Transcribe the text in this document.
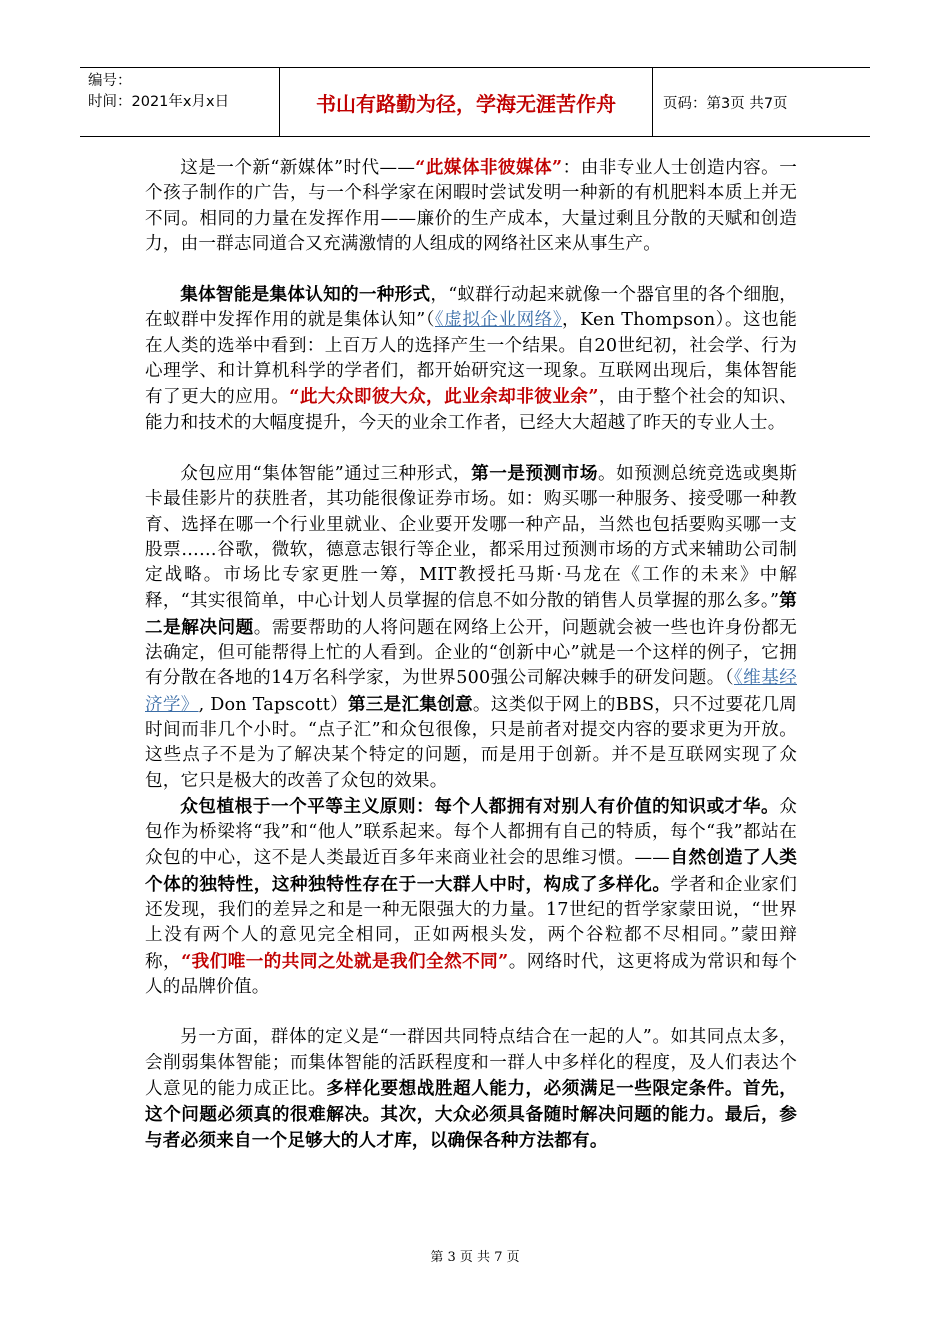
编号：
时间：2021年x月x日	书山有路勤为径，学海无涯苦作舟	页码：第3页 共7页

这是一个新“新媒体”时代——“此媒体非彼媒体”：由非专业人士创造内容。一个孩子制作的广告，与一个科学家在闲暇时尝试发明一种新的有机肥料本质上并无不同。相同的力量在发挥作用——廉价的生产成本，大量过剩且分散的天赋和创造力，由一群志同道合又充满激情的人组成的网络社区来从事生产。

集体智能是集体认知的一种形式，“蚁群行动起来就像一个器官里的各个细胞，在蚁群中发挥作用的就是集体认知”（《虚拟企业网络》，Ken Thompson）。这也能在人类的选举中看到：上百万人的选择产生一个结果。自20世纪初，社会学、行为心理学、和计算机科学的学者们，都开始研究这一现象。互联网出现后，集体智能有了更大的应用。“此大众即彼大众，此业余却非彼业余”，由于整个社会的知识、能力和技术的大幅度提升，今天的业余工作者，已经大大超越了昨天的专业人士。

众包应用“集体智能”通过三种形式，第一是预测市场。如预测总统竞选或奥斯卡最佳影片的获胜者，其功能很像证券市场。如：购买哪一种服务、接受哪一种教育、选择在哪一个行业里就业、企业要开发哪一种产品，当然也包括要购买哪一支股票……谷歌，微软，德意志银行等企业，都采用过预测市场的方式来辅助公司制定战略。市场比专家更胜一筹，MIT教授托马斯·马龙在《工作的未来》中解释，“其实很简单，中心计划人员掌握的信息不如分散的销售人员掌握的那么多。”第二是解决问题。需要帮助的人将问题在网络上公开，问题就会被一些也许身份都无法确定，但可能帮得上忙的人看到。企业的“创新中心”就是一个这样的例子，它拥有分散在各地的14万名科学家，为世界500强公司解决棘手的研发问题。（《维基经济学》, Don Tapscott）第三是汇集创意。这类似于网上的BBS，只不过要花几周时间而非几个小时。“点子汇”和众包很像，只是前者对提交内容的要求更为开放。这些点子不是为了解决某个特定的问题，而是用于创新。并不是互联网实现了众包，它只是极大的改善了众包的效果。

众包植根于一个平等主义原则：每个人都拥有对别人有价值的知识或才华。众包作为桥梁将“我”和“他人”联系起来。每个人都拥有自己的特质，每个“我”都站在众包的中心，这不是人类最近百多年来商业社会的思维习惯。——自然创造了人类个体的独特性，这种独特性存在于一大群人中时，构成了多样化。学者和企业家们还发现，我们的差异之和是一种无限强大的力量。17世纪的哲学家蒙田说，“世界上没有两个人的意见完全相同，正如两根头发，两个谷粒都不尽相同。”蒙田辩称，“我们唯一的共同之处就是我们全然不同”。网络时代，这更将成为常识和每个人的品牌价值。

另一方面，群体的定义是“一群因共同特点结合在一起的人”。如其同点太多，会削弱集体智能；而集体智能的活跃程度和一群人中多样化的程度，及人们表达个人意见的能力成正比。多样化要想战胜超人能力，必须满足一些限定条件。首先，这个问题必须真的很难解决。其次，大众必须具备随时解决问题的能力。最后，参与者必须来自一个足够大的人才库，以确保各种方法都有。

第 3 页 共 7 页
